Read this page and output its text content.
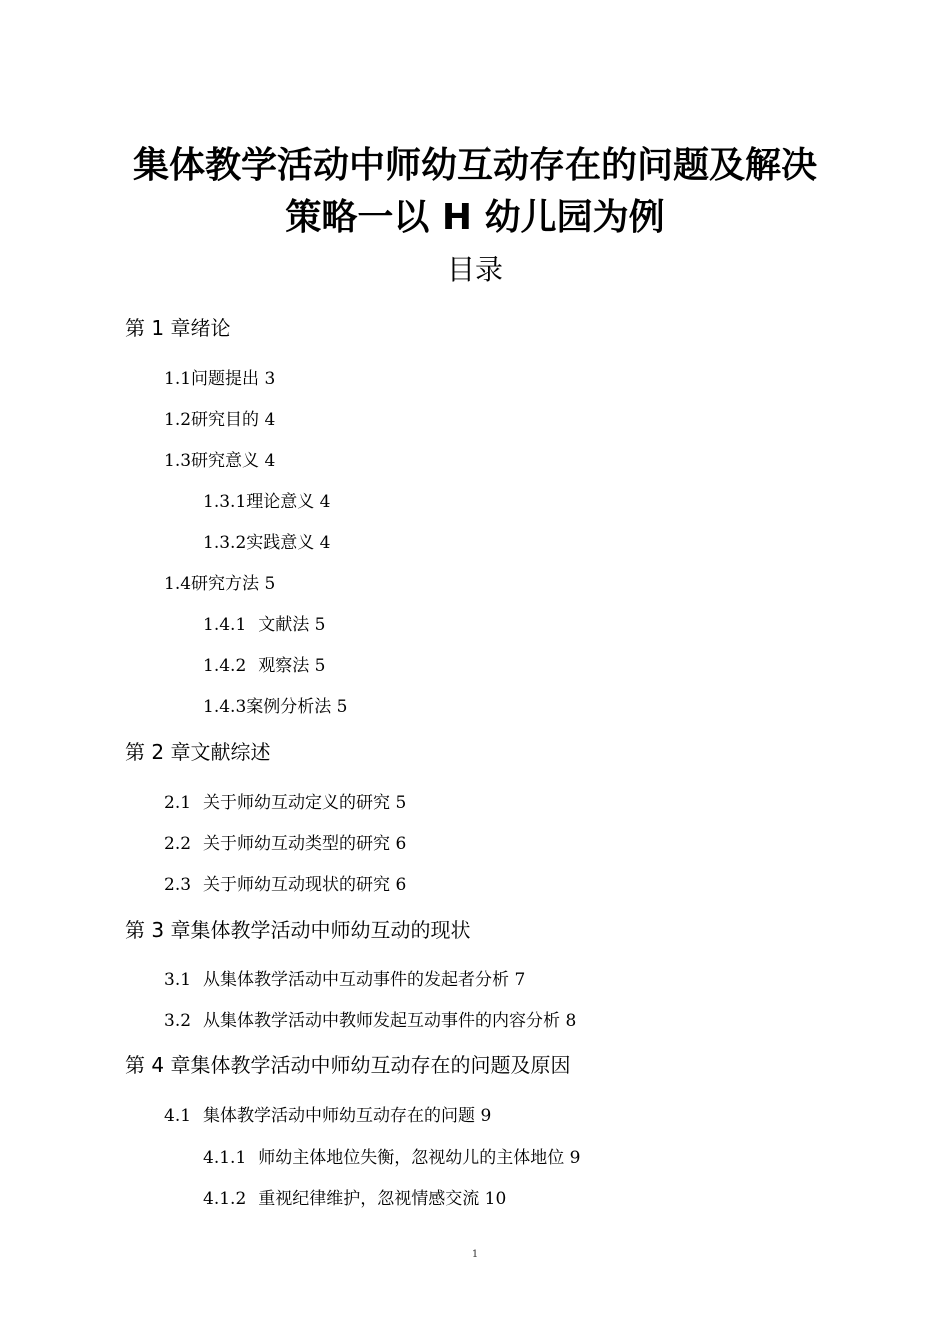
集体教学活动中师幼互动存在的问题及解决
策略一以 H 幼儿园为例
目录
第 1 章绪论
1.1问题提出 3
1.2研究目的 4
1.3研究意义 4
1.3.1理论意义 4
1.3.2实践意义 4
1.4研究方法 5
1.4.1 文献法 5
1.4.2 观察法 5
1.4.3案例分析法 5
第 2 章文献综述
2.1 关于师幼互动定义的研究 5
2.2 关于师幼互动类型的研究 6
2.3 关于师幼互动现状的研究 6
第 3 章集体教学活动中师幼互动的现状
3.1 从集体教学活动中互动事件的发起者分析 7
3.2 从集体教学活动中教师发起互动事件的内容分析 8
第 4 章集体教学活动中师幼互动存在的问题及原因
4.1 集体教学活动中师幼互动存在的问题 9
4.1.1 师幼主体地位失衡，忽视幼儿的主体地位 9
4.1.2 重视纪律维护，忽视情感交流 10
1
